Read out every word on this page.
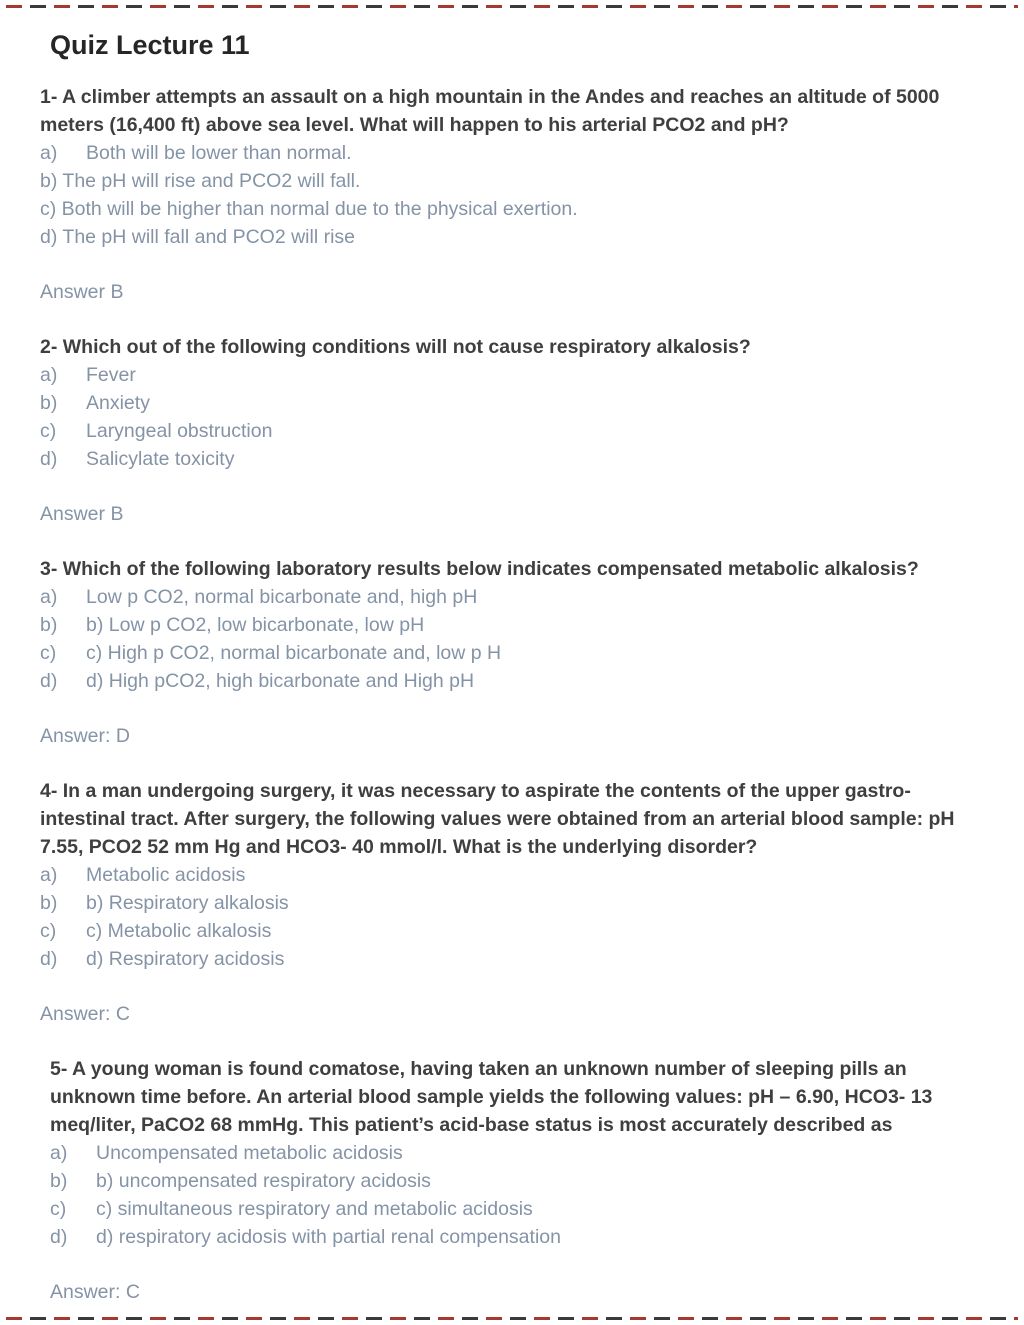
Quiz Lecture 11

1- A climber attempts an assault on a high mountain in the Andes and reaches an altitude of 5000 meters (16,400 ft) above sea level. What will happen to his arterial PCO2 and pH?

a) Both will be lower than normal.
b) The pH will rise and PCO2 will fall.
c) Both will be higher than normal due to the physical exertion.
d) The pH will fall and PCO2 will rise
Answer B

2- Which out of the following conditions will not cause respiratory alkalosis?

a) Fever
b) Anxiety
c) Laryngeal obstruction
d) Salicylate toxicity
Answer B

3- Which of the following laboratory results below indicates compensated metabolic alkalosis?

a) Low p CO2, normal bicarbonate and, high pH
b) b) Low p CO2, low bicarbonate, low pH
c) c) High p CO2, normal bicarbonate and, low p H
d) d) High pCO2, high bicarbonate and High pH
Answer: D

4- In a man undergoing surgery, it was necessary to aspirate the contents of the upper gastro-intestinal tract. After surgery, the following values were obtained from an arterial blood sample: pH 7.55, PCO2 52 mm Hg and HCO3- 40 mmol/l. What is the underlying disorder?

a) Metabolic acidosis
b) b) Respiratory alkalosis
c) c) Metabolic alkalosis
d) d) Respiratory acidosis
Answer: C

5- A young woman is found comatose, having taken an unknown number of sleeping pills an unknown time before. An arterial blood sample yields the following values: pH – 6.90, HCO3- 13 meq/liter, PaCO2 68 mmHg. This patient’s acid-base status is most accurately described as

a) Uncompensated metabolic acidosis
b) b) uncompensated respiratory acidosis
c) c) simultaneous respiratory and metabolic acidosis
d) d) respiratory acidosis with partial renal compensation
Answer: C
